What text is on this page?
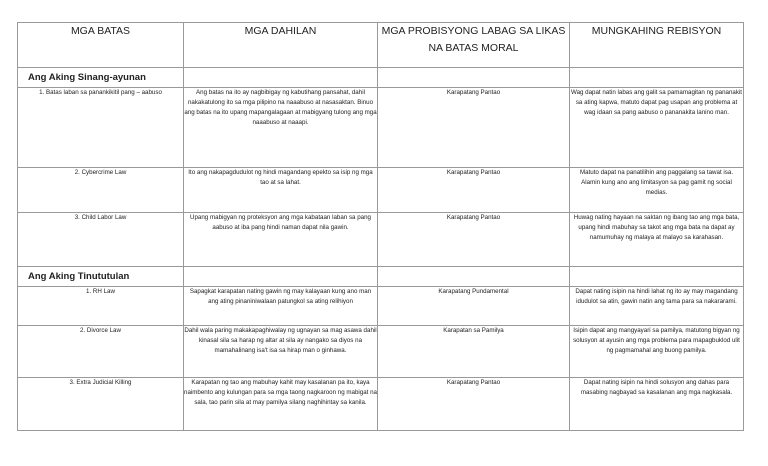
MGA BATAS	MGA DAHILAN	MGA PROBISYONG LABAG SA LIKAS NA BATAS MORAL	MUNGKAHING REBISYON
Ang Aking Sinang-ayunan			
1. Batas laban sa panankikitil pang – aabuso	Ang batas na ito ay nagbibigay ng kabutihang pansahat, dahil nakakatulong ito sa mga pilipino na naaabuso at nasasaktan. Binuo ang batas na ito upang mapangalagaan at mabigyang tulong ang mga naaabuso at naaapi.	Karapatang Pantao	Wag dapat natin labas ang galit sa pamamagitan ng pananakit sa ating kapwa, matuto dapat pag usapan ang problema at wag idaan sa pang aabuso o pananakita lanino man.
2. Cybercrime Law	Ito ang nakapagdudulot ng hindi magandang epekto sa isip ng mga tao at sa lahat.	Karapatang Pantao	Matuto dapat na panatilihin ang paggalang sa tawat isa. Alamin kung ano ang limitasyon sa pag gamit ng social medias.
3. Child Labor Law	Upang mabigyan ng proteksyon ang mga kabataan laban sa pang aabuso at iba pang hindi naman dapat nila gawin.	Karapatang Pantao	Huwag nating hayaan na saktan ng ibang tao ang mga bata, upang hindi mabuhay sa takot ang mga bata na dapat ay namumuhay ng malaya at malayo sa karahasan.
Ang Aking Tinututulan			
1. RH Law	Sapagkat karapatan nating gawin ng may kalayaan kung ano man ang ating pinaniniwalaan patungkol sa ating relihiyon	Karapatang Pundamental	Dapat nating isipin na hindi lahat ng ito ay may magandang idudulot sa atin, gawin natin ang tama para sa nakararami.
2. Divorce Law	Dahil wala paring makakapaghiwalay ng ugnayan sa mag asawa dahil kinasal sila sa harap ng altar at sila ay nangako sa diyos na mamahalinang isa't isa sa hirap man o ginhawa.	Karapatan sa Pamilya	Isipin dapat ang mangyayari sa pamilya, matutong bigyan ng solusyon at ayusin ang mga problema para mapagbuklod ulit ng pagmamahal ang buong pamilya.
3. Extra Judicial Killing	Karapatan ng tao ang mabuhay kahit may kasalanan pa ito, kaya naimbento ang kulungan para sa mga taong nagkaroon ng mabigat na sala, tao parin sila at may pamilya silang naghihintay sa kanila.	Karapatang Pantao	Dapat nating isipin na hindi solusyon ang dahas para masabing nagbayad sa kasalanan ang mga nagkasala.
